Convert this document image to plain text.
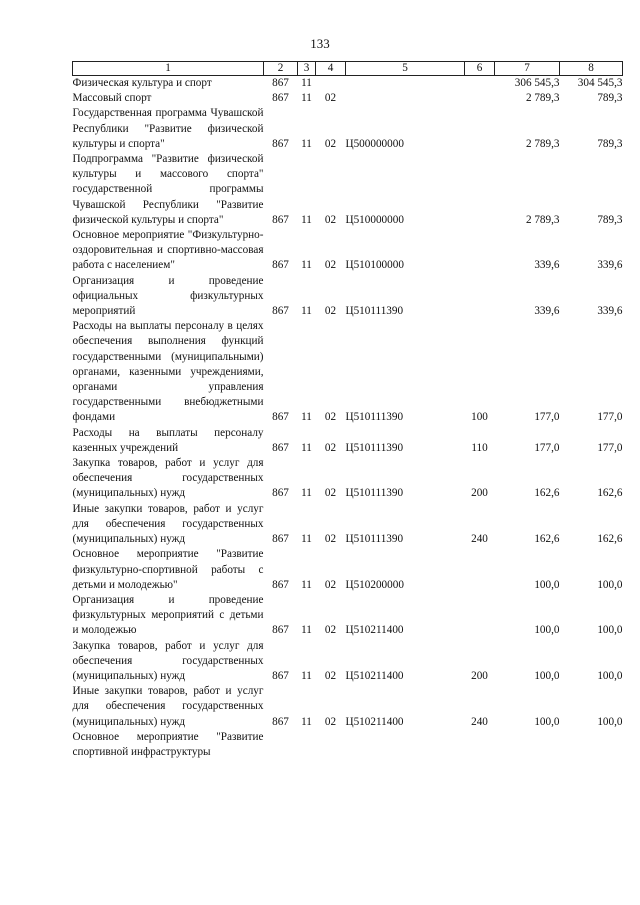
133
1	2	3	4	5	6	7	8
Физическая культура и спорт	867	11				306 545,3	304 545,3
Массовый спорт	867	11	02			2 789,3	789,3
Государственная программа Чувашской Республики "Развитие физической культуры и спорта"	867	11	02	Ц500000000		2 789,3	789,3
Подпрограмма "Развитие физической культуры и массового спорта" государственной программы Чувашской Республики "Развитие физической культуры и спорта"	867	11	02	Ц510000000		2 789,3	789,3
Основное мероприятие "Физкультурно-оздоровительная и спортивно-массовая работа с населением"	867	11	02	Ц510100000		339,6	339,6
Организация и проведение официальных физкультурных мероприятий	867	11	02	Ц510111390		339,6	339,6
Расходы на выплаты персоналу в целях обеспечения выполнения функций государственными (муниципальными) органами, казенными учреждениями, органами управления государственными внебюджетными фондами	867	11	02	Ц510111390	100	177,0	177,0
Расходы на выплаты персоналу казенных учреждений	867	11	02	Ц510111390	110	177,0	177,0
Закупка товаров, работ и услуг для обеспечения государственных (муниципальных) нужд	867	11	02	Ц510111390	200	162,6	162,6
Иные закупки товаров, работ и услуг для обеспечения государственных (муниципальных) нужд	867	11	02	Ц510111390	240	162,6	162,6
Основное мероприятие "Развитие физкультурно-спортивной работы с детьми и молодежью"	867	11	02	Ц510200000		100,0	100,0
Организация и проведение физкультурных мероприятий с детьми и молодежью	867	11	02	Ц510211400		100,0	100,0
Закупка товаров, работ и услуг для обеспечения государственных (муниципальных) нужд	867	11	02	Ц510211400	200	100,0	100,0
Иные закупки товаров, работ и услуг для обеспечения государственных (муниципальных) нужд	867	11	02	Ц510211400	240	100,0	100,0
Основное мероприятие "Развитие спортивной инфраструктуры							
